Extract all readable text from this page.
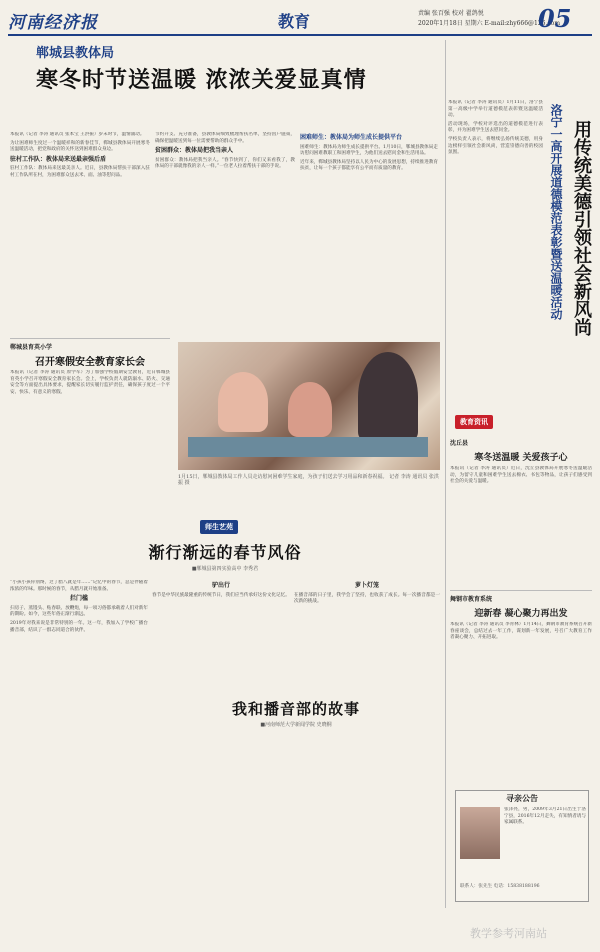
河南经济报	教育	责编 张百强 校对 翟鸽悦
2020年1月18日 星期六 E-mail:zhy666@126.com
05
郸城县教体局
寒冬时节送温暖 浓浓关爱显真情
本报讯（记者 李涛 通讯员 张本宝 王洪振）岁末时节，温情涌动。
为让困难师生度过一个温暖祥和的新春佳节，郸城县教体局开展寒冬送温暖活动，把党和政府的关怀送到困难群众身边。
驻村工作队：教体局来送最亲强后盾
驻村工作队：教体局来送最美亲人。近日，县教体局帮扶干部深入驻村工作队所在村，为困难群众送去米、面、油等慰问品。
节约开支、充分准备，县教体局细致梳理帮扶名单，坚持因户施策，确保把温暖送到每一位需要帮助的群众手中。
贫困群众：教体局把我当亲人
贫困群众：教体局把我当亲人。“春节快到了，你们又来看我了，教体局的干部就像我的亲人一样。”一位老人拉着帮扶干部的手说。
困难师生：教体局为师生成长提供平台
困难师生：教体局为师生成长提供平台。1月10日，郸城县教体局走访慰问困难教职工和困难学生，为他们送去慰问金和生活用品。
近年来，郸城县教体局坚持以人民为中心的发展思想，持续推进教育扶贫，让每一个孩子都能享有公平而有质量的教育。
1月15日，郸城县教体局工作人员走访慰问困难学生家庭，为孩子们送去学习用品和新春祝福。 记者 李涛 通讯员 张洪振 摄
郸城县育英小学
召开寒假安全教育家长会
本报讯（记者 李涛 通讯员 原学军）为了加强学校假期安全教育，近日郸城县育英小学召开寒假安全教育家长会。会上，学校负责人就防溺水、防火、交通安全等方面提出具体要求，提醒家长切实履行监护责任，确保孩子度过一个平安、快乐、有意义的寒假。
本报讯（记者 李涛 通讯员）1月11日，洛宁县第一高级中学举行道德模范表彰暨送温暖活动。
活动现场，学校对评选出的道德模范进行表彰，并为困难学生送去慰问金。
学校负责人表示，将继续弘扬传统美德，用身边榜样引领社会新风尚，营造崇德向善的校园氛围。	洛宁一高开展道德模范表彰暨送温暖活动 用传统美德引领社会新风尚
教育资讯
沈丘县
寒冬送温暖 关爱孩子心
本报讯（记者 李涛 通讯员）近日，沈丘县教体局开展寒冬送温暖活动，为留守儿童和困难学生送去棉衣、书包等物品，让孩子们感受到社会的关爱与温暖。
舞钢市教育系统
迎新春 凝心聚力再出发
本报讯（记者 李涛 通讯员 李青林）1月14日，舞钢市教育系统召开新春座谈会，总结过去一年工作，谋划新一年发展，号召广大教育工作者凝心聚力、开拓进取。
师生艺苑
渐行渐远的春节风俗
■郸城县第四实验高中 李秀君
“小孩小孩你别馋，过了腊八就是年……”记忆中的春节，总是伴随着浓浓的年味。那时候的春节，从腊月就开始准备。
拦门槛
扫房子、蒸馒头、贴春联、放鞭炮，每一项习俗都承载着人们对新年的期盼。如今，这些年俗正渐行渐远。
2019年对我来说是非常特别的一年。这一年，我加入了学校广播台播音部，结识了一群志同道合的伙伴。
驴出行
春节是中华民族最隆重的传统节日，我们应当传承好这份文化记忆。
萝卜灯笼
在播音部的日子里，我学会了坚持，也收获了成长。每一次播音都是一次新的挑战。
我和播音部的故事
■河南师范大学新闻学院 史晓桐
寻亲公告
张泽亮，男，2009年3月21日出生于洛宁县，2016年12月走失，有知情者请与家属联系。
联系人：张先生 电话：15838188196
教学参考河南站
